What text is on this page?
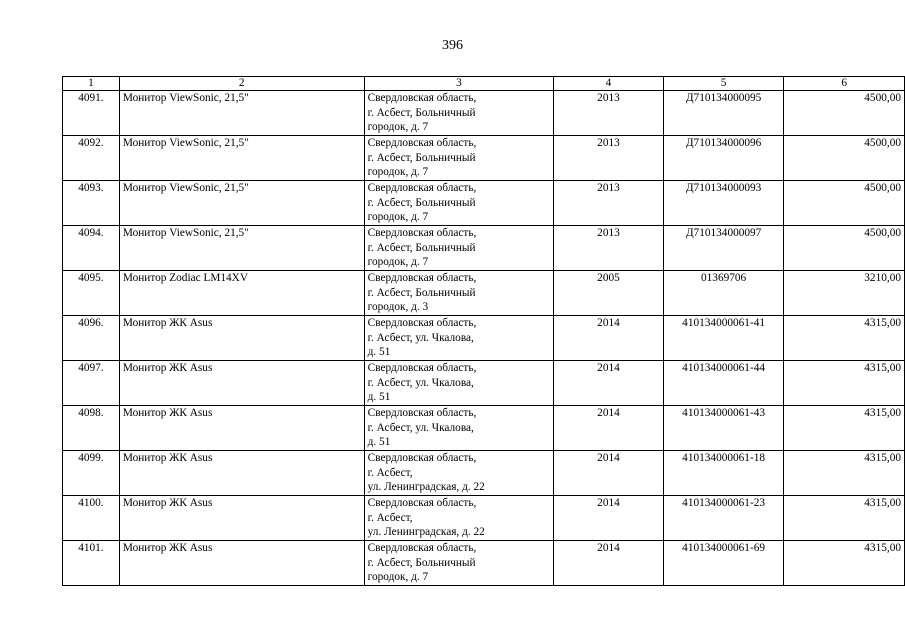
396
1	2	3	4	5	6
4091.	Монитор ViewSonic, 21,5"	Свердловская область,
г. Асбест, Больничный
городок, д. 7	2013	Д710134000095	4500,00
4092.	Монитор ViewSonic, 21,5"	Свердловская область,
г. Асбест, Больничный
городок, д. 7	2013	Д710134000096	4500,00
4093.	Монитор ViewSonic, 21,5"	Свердловская область,
г. Асбест, Больничный
городок, д. 7	2013	Д710134000093	4500,00
4094.	Монитор ViewSonic, 21,5"	Свердловская область,
г. Асбест, Больничный
городок, д. 7	2013	Д710134000097	4500,00
4095.	Монитор Zodiac LM14XV	Свердловская область,
г. Асбест, Больничный
городок, д. 3	2005	01369706	3210,00
4096.	Монитор ЖК Asus	Свердловская область,
г. Асбест, ул. Чкалова,
д. 51	2014	410134000061-41	4315,00
4097.	Монитор ЖК Asus	Свердловская область,
г. Асбест, ул. Чкалова,
д. 51	2014	410134000061-44	4315,00
4098.	Монитор ЖК Asus	Свердловская область,
г. Асбест, ул. Чкалова,
д. 51	2014	410134000061-43	4315,00
4099.	Монитор ЖК Asus	Свердловская область,
г. Асбест,
ул. Ленинградская, д. 22	2014	410134000061-18	4315,00
4100.	Монитор ЖК Asus	Свердловская область,
г. Асбест,
ул. Ленинградская, д. 22	2014	410134000061-23	4315,00
4101.	Монитор ЖК Asus	Свердловская область,
г. Асбест, Больничный
городок, д. 7	2014	410134000061-69	4315,00
